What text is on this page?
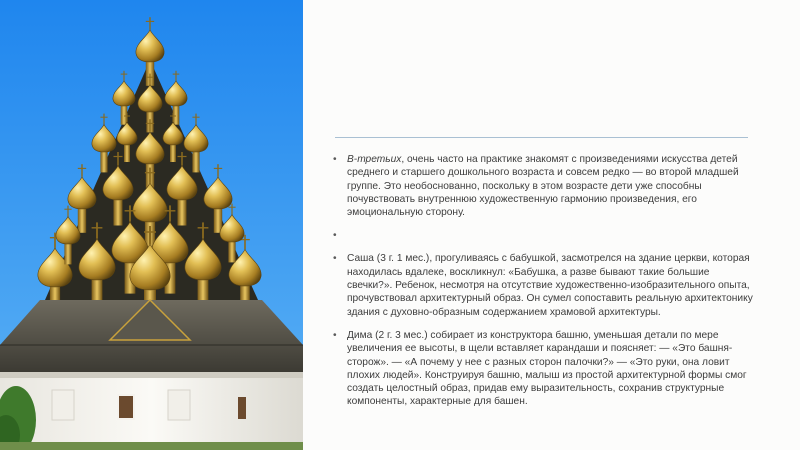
• В-третьих, очень часто на практике знакомят с произведениями искусства детей среднего и старшего дошкольного возраста и совсем редко — во второй младшей группе. Это необоснованно, поскольку в этом возрасте дети уже способны почувствовать внутреннюю художественную гармонию произведения, его эмоциональную сторону.
•
• Саша (3 г. 1 мес.), прогуливаясь с бабушкой, засмотрелся на здание церкви, которая находилась вдалеке, воскликнул: «Бабушка, а разве бывают такие большие свечки?». Ребенок, несмотря на отсутствие художественно-изобразительного опыта, прочувствовал архитектурный образ. Он сумел сопоставить реальную архитектонику здания с духовно-образным содержанием храмовой архитектуры.
• Дима (2 г. 3 мес.) собирает из конструктора башню, уменьшая детали по мере увеличения ее высоты, в щели вставляет карандаши и поясняет: — «Это башня-сторож». — «А почему у нее с разных сторон палочки?» — «Это руки, она ловит плохих людей». Конструируя башню, малыш из простой архитектурной формы смог создать целостный образ, придав ему выразительность, сохранив структурные компоненты, характерные для башен.
